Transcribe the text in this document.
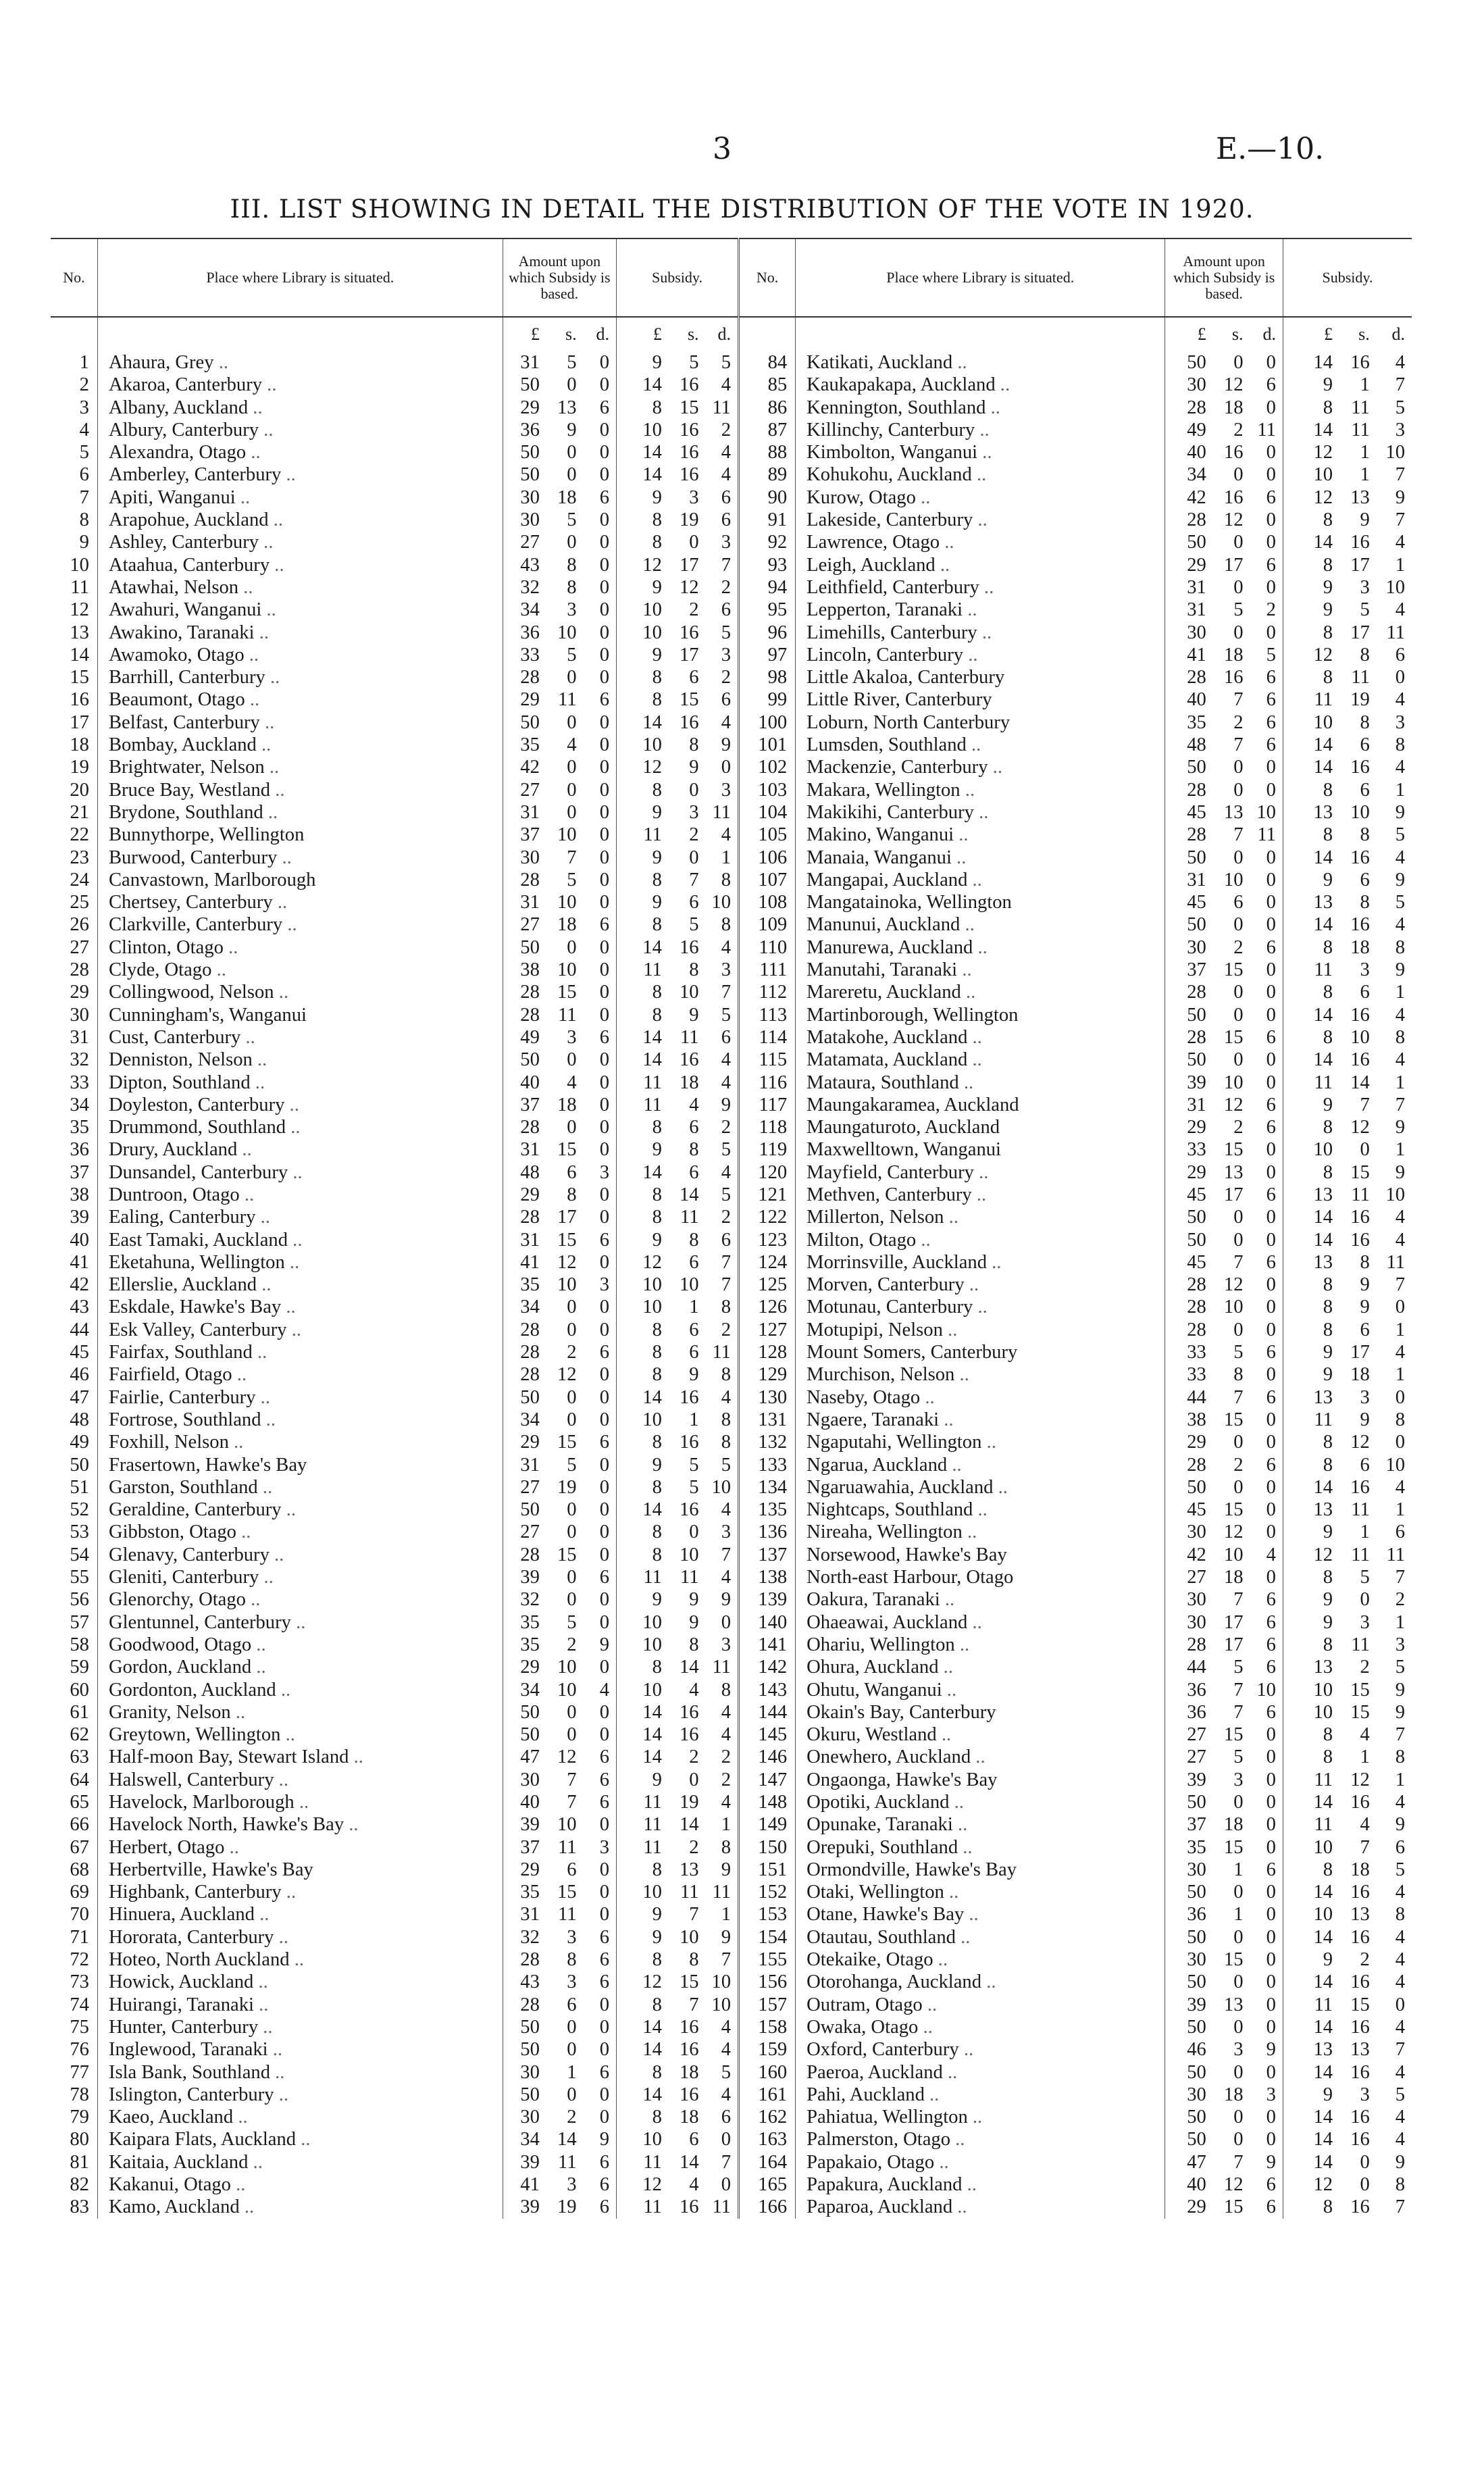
3	E.—10.
III. LIST SHOWING IN DETAIL THE DISTRIBUTION OF THE VOTE IN 1920.
No.	Place where Library is situated.	Amount upon which Subsidy is based.			Subsidy.			No.	Place where Library is situated.	Amount upon which Subsidy is based.			Subsidy.		
		£	s.	d.	£	s.	d.			£	s.	d.	£	s.	d.
1	Ahaura, Grey ..	31	5	0	9	5	5	84	Katikati, Auckland ..	50	0	0	14	16	4
2	Akaroa, Canterbury ..	50	0	0	14	16	4	85	Kaukapakapa, Auckland ..	30	12	6	9	1	7
3	Albany, Auckland ..	29	13	6	8	15	11	86	Kennington, Southland ..	28	18	0	8	11	5
4	Albury, Canterbury ..	36	9	0	10	16	2	87	Killinchy, Canterbury ..	49	2	11	14	11	3
5	Alexandra, Otago ..	50	0	0	14	16	4	88	Kimbolton, Wanganui ..	40	16	0	12	1	10
6	Amberley, Canterbury ..	50	0	0	14	16	4	89	Kohukohu, Auckland ..	34	0	0	10	1	7
7	Apiti, Wanganui ..	30	18	6	9	3	6	90	Kurow, Otago ..	42	16	6	12	13	9
8	Arapohue, Auckland ..	30	5	0	8	19	6	91	Lakeside, Canterbury ..	28	12	0	8	9	7
9	Ashley, Canterbury ..	27	0	0	8	0	3	92	Lawrence, Otago ..	50	0	0	14	16	4
10	Ataahua, Canterbury ..	43	8	0	12	17	7	93	Leigh, Auckland ..	29	17	6	8	17	1
11	Atawhai, Nelson ..	32	8	0	9	12	2	94	Leithfield, Canterbury ..	31	0	0	9	3	10
12	Awahuri, Wanganui ..	34	3	0	10	2	6	95	Lepperton, Taranaki ..	31	5	2	9	5	4
13	Awakino, Taranaki ..	36	10	0	10	16	5	96	Limehills, Canterbury ..	30	0	0	8	17	11
14	Awamoko, Otago ..	33	5	0	9	17	3	97	Lincoln, Canterbury ..	41	18	5	12	8	6
15	Barrhill, Canterbury ..	28	0	0	8	6	2	98	Little Akaloa, Canterbury	28	16	6	8	11	0
16	Beaumont, Otago ..	29	11	6	8	15	6	99	Little River, Canterbury	40	7	6	11	19	4
17	Belfast, Canterbury ..	50	0	0	14	16	4	100	Loburn, North Canterbury	35	2	6	10	8	3
18	Bombay, Auckland ..	35	4	0	10	8	9	101	Lumsden, Southland ..	48	7	6	14	6	8
19	Brightwater, Nelson ..	42	0	0	12	9	0	102	Mackenzie, Canterbury ..	50	0	0	14	16	4
20	Bruce Bay, Westland ..	27	0	0	8	0	3	103	Makara, Wellington ..	28	0	0	8	6	1
21	Brydone, Southland ..	31	0	0	9	3	11	104	Makikihi, Canterbury ..	45	13	10	13	10	9
22	Bunnythorpe, Wellington	37	10	0	11	2	4	105	Makino, Wanganui ..	28	7	11	8	8	5
23	Burwood, Canterbury ..	30	7	0	9	0	1	106	Manaia, Wanganui ..	50	0	0	14	16	4
24	Canvastown, Marlborough	28	5	0	8	7	8	107	Mangapai, Auckland ..	31	10	0	9	6	9
25	Chertsey, Canterbury ..	31	10	0	9	6	10	108	Mangatainoka, Wellington	45	6	0	13	8	5
26	Clarkville, Canterbury ..	27	18	6	8	5	8	109	Manunui, Auckland ..	50	0	0	14	16	4
27	Clinton, Otago ..	50	0	0	14	16	4	110	Manurewa, Auckland ..	30	2	6	8	18	8
28	Clyde, Otago ..	38	10	0	11	8	3	111	Manutahi, Taranaki ..	37	15	0	11	3	9
29	Collingwood, Nelson ..	28	15	0	8	10	7	112	Mareretu, Auckland ..	28	0	0	8	6	1
30	Cunningham's, Wanganui	28	11	0	8	9	5	113	Martinborough, Wellington	50	0	0	14	16	4
31	Cust, Canterbury ..	49	3	6	14	11	6	114	Matakohe, Auckland ..	28	15	6	8	10	8
32	Denniston, Nelson ..	50	0	0	14	16	4	115	Matamata, Auckland ..	50	0	0	14	16	4
33	Dipton, Southland ..	40	4	0	11	18	4	116	Mataura, Southland ..	39	10	0	11	14	1
34	Doyleston, Canterbury ..	37	18	0	11	4	9	117	Maungakaramea, Auckland	31	12	6	9	7	7
35	Drummond, Southland ..	28	0	0	8	6	2	118	Maungaturoto, Auckland	29	2	6	8	12	9
36	Drury, Auckland ..	31	15	0	9	8	5	119	Maxwelltown, Wanganui	33	15	0	10	0	1
37	Dunsandel, Canterbury ..	48	6	3	14	6	4	120	Mayfield, Canterbury ..	29	13	0	8	15	9
38	Duntroon, Otago ..	29	8	0	8	14	5	121	Methven, Canterbury ..	45	17	6	13	11	10
39	Ealing, Canterbury ..	28	17	0	8	11	2	122	Millerton, Nelson ..	50	0	0	14	16	4
40	East Tamaki, Auckland ..	31	15	6	9	8	6	123	Milton, Otago ..	50	0	0	14	16	4
41	Eketahuna, Wellington ..	41	12	0	12	6	7	124	Morrinsville, Auckland ..	45	7	6	13	8	11
42	Ellerslie, Auckland ..	35	10	3	10	10	7	125	Morven, Canterbury ..	28	12	0	8	9	7
43	Eskdale, Hawke's Bay ..	34	0	0	10	1	8	126	Motunau, Canterbury ..	28	10	0	8	9	0
44	Esk Valley, Canterbury ..	28	0	0	8	6	2	127	Motupipi, Nelson ..	28	0	0	8	6	1
45	Fairfax, Southland ..	28	2	6	8	6	11	128	Mount Somers, Canterbury	33	5	6	9	17	4
46	Fairfield, Otago ..	28	12	0	8	9	8	129	Murchison, Nelson ..	33	8	0	9	18	1
47	Fairlie, Canterbury ..	50	0	0	14	16	4	130	Naseby, Otago ..	44	7	6	13	3	0
48	Fortrose, Southland ..	34	0	0	10	1	8	131	Ngaere, Taranaki ..	38	15	0	11	9	8
49	Foxhill, Nelson ..	29	15	6	8	16	8	132	Ngaputahi, Wellington ..	29	0	0	8	12	0
50	Frasertown, Hawke's Bay	31	5	0	9	5	5	133	Ngarua, Auckland ..	28	2	6	8	6	10
51	Garston, Southland ..	27	19	0	8	5	10	134	Ngaruawahia, Auckland ..	50	0	0	14	16	4
52	Geraldine, Canterbury ..	50	0	0	14	16	4	135	Nightcaps, Southland ..	45	15	0	13	11	1
53	Gibbston, Otago ..	27	0	0	8	0	3	136	Nireaha, Wellington ..	30	12	0	9	1	6
54	Glenavy, Canterbury ..	28	15	0	8	10	7	137	Norsewood, Hawke's Bay	42	10	4	12	11	11
55	Gleniti, Canterbury ..	39	0	6	11	11	4	138	North-east Harbour, Otago	27	18	0	8	5	7
56	Glenorchy, Otago ..	32	0	0	9	9	9	139	Oakura, Taranaki ..	30	7	6	9	0	2
57	Glentunnel, Canterbury ..	35	5	0	10	9	0	140	Ohaeawai, Auckland ..	30	17	6	9	3	1
58	Goodwood, Otago ..	35	2	9	10	8	3	141	Ohariu, Wellington ..	28	17	6	8	11	3
59	Gordon, Auckland ..	29	10	0	8	14	11	142	Ohura, Auckland ..	44	5	6	13	2	5
60	Gordonton, Auckland ..	34	10	4	10	4	8	143	Ohutu, Wanganui ..	36	7	10	10	15	9
61	Granity, Nelson ..	50	0	0	14	16	4	144	Okain's Bay, Canterbury	36	7	6	10	15	9
62	Greytown, Wellington ..	50	0	0	14	16	4	145	Okuru, Westland ..	27	15	0	8	4	7
63	Half-moon Bay, Stewart Island ..	47	12	6	14	2	2	146	Onewhero, Auckland ..	27	5	0	8	1	8
64	Halswell, Canterbury ..	30	7	6	9	0	2	147	Ongaonga, Hawke's Bay	39	3	0	11	12	1
65	Havelock, Marlborough ..	40	7	6	11	19	4	148	Opotiki, Auckland ..	50	0	0	14	16	4
66	Havelock North, Hawke's Bay ..	39	10	0	11	14	1	149	Opunake, Taranaki ..	37	18	0	11	4	9
67	Herbert, Otago ..	37	11	3	11	2	8	150	Orepuki, Southland ..	35	15	0	10	7	6
68	Herbertville, Hawke's Bay	29	6	0	8	13	9	151	Ormondville, Hawke's Bay	30	1	6	8	18	5
69	Highbank, Canterbury ..	35	15	0	10	11	11	152	Otaki, Wellington ..	50	0	0	14	16	4
70	Hinuera, Auckland ..	31	11	0	9	7	1	153	Otane, Hawke's Bay ..	36	1	0	10	13	8
71	Hororata, Canterbury ..	32	3	6	9	10	9	154	Otautau, Southland ..	50	0	0	14	16	4
72	Hoteo, North Auckland ..	28	8	6	8	8	7	155	Otekaike, Otago ..	30	15	0	9	2	4
73	Howick, Auckland ..	43	3	6	12	15	10	156	Otorohanga, Auckland ..	50	0	0	14	16	4
74	Huirangi, Taranaki ..	28	6	0	8	7	10	157	Outram, Otago ..	39	13	0	11	15	0
75	Hunter, Canterbury ..	50	0	0	14	16	4	158	Owaka, Otago ..	50	0	0	14	16	4
76	Inglewood, Taranaki ..	50	0	0	14	16	4	159	Oxford, Canterbury ..	46	3	9	13	13	7
77	Isla Bank, Southland ..	30	1	6	8	18	5	160	Paeroa, Auckland ..	50	0	0	14	16	4
78	Islington, Canterbury ..	50	0	0	14	16	4	161	Pahi, Auckland ..	30	18	3	9	3	5
79	Kaeo, Auckland ..	30	2	0	8	18	6	162	Pahiatua, Wellington ..	50	0	0	14	16	4
80	Kaipara Flats, Auckland ..	34	14	9	10	6	0	163	Palmerston, Otago ..	50	0	0	14	16	4
81	Kaitaia, Auckland ..	39	11	6	11	14	7	164	Papakaio, Otago ..	47	7	9	14	0	9
82	Kakanui, Otago ..	41	3	6	12	4	0	165	Papakura, Auckland ..	40	12	6	12	0	8
83	Kamo, Auckland ..	39	19	6	11	16	11	166	Paparoa, Auckland ..	29	15	6	8	16	7
